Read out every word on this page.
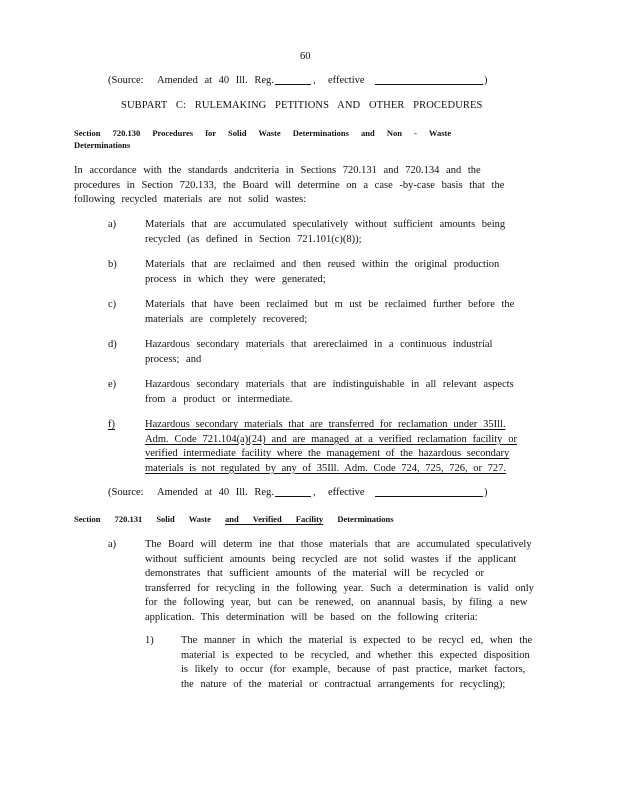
60
(Source: Amended at 40 Ill. Reg.	, effective	)
SUBPART C: RULEMAKING PETITIONS AND OTHER PROCEDURES
Section 720.130 Procedures for Solid Waste Determinations and Non - Waste
Determinations
In accordance with the standards andcriteria in Sections 720.131 and 720.134 and the
procedures in Section 720.133, the Board will determine on a case -by-case basis that the
following recycled materials are not solid wastes:
a)	Materials that are accumulated speculatively without sufficient amounts being
recycled (as defined in Section 721.101(c)(8));
b)	Materials that are reclaimed and then reused within the original production
process in which they were generated;
c)	Materials that have been reclaimed but m ust be reclaimed further before the
materials are completely recovered;
d)	Hazardous secondary materials that arereclaimed in a continuous industrial
process; and
e)	Hazardous secondary materials that are indistinguishable in all relevant aspects
from a product or intermediate.
f)	Hazardous secondary materials that are transferred for reclamation under 35Ill.
Adm. Code 721.104(a)(24) and are managed at a verified reclamation facility or
verified intermediate facility where the management of the hazardous secondary
materials is not regulated by any of 35Ill. Adm. Code 724, 725, 726, or 727.
(Source: Amended at 40 Ill. Reg.	, effective	)
Section 720.131 Solid Waste and Verified Facility Determinations
a)	The Board will determ ine that those materials that are accumulated speculatively
without sufficient amounts being recycled are not solid wastes if the applicant
demonstrates that sufficient amounts of the material will be recycled or
transferred for recycling in the following year. Such a determination is valid only
for the following year, but can be renewed, on anannual basis, by filing a new
application. This determination will be based on the following criteria:
1)	The manner in which the material is expected to be recycl ed, when the
material is expected to be recycled, and whether this expected disposition
is likely to occur (for example, because of past practice, market factors,
the nature of the material or contractual arrangements for recycling);
